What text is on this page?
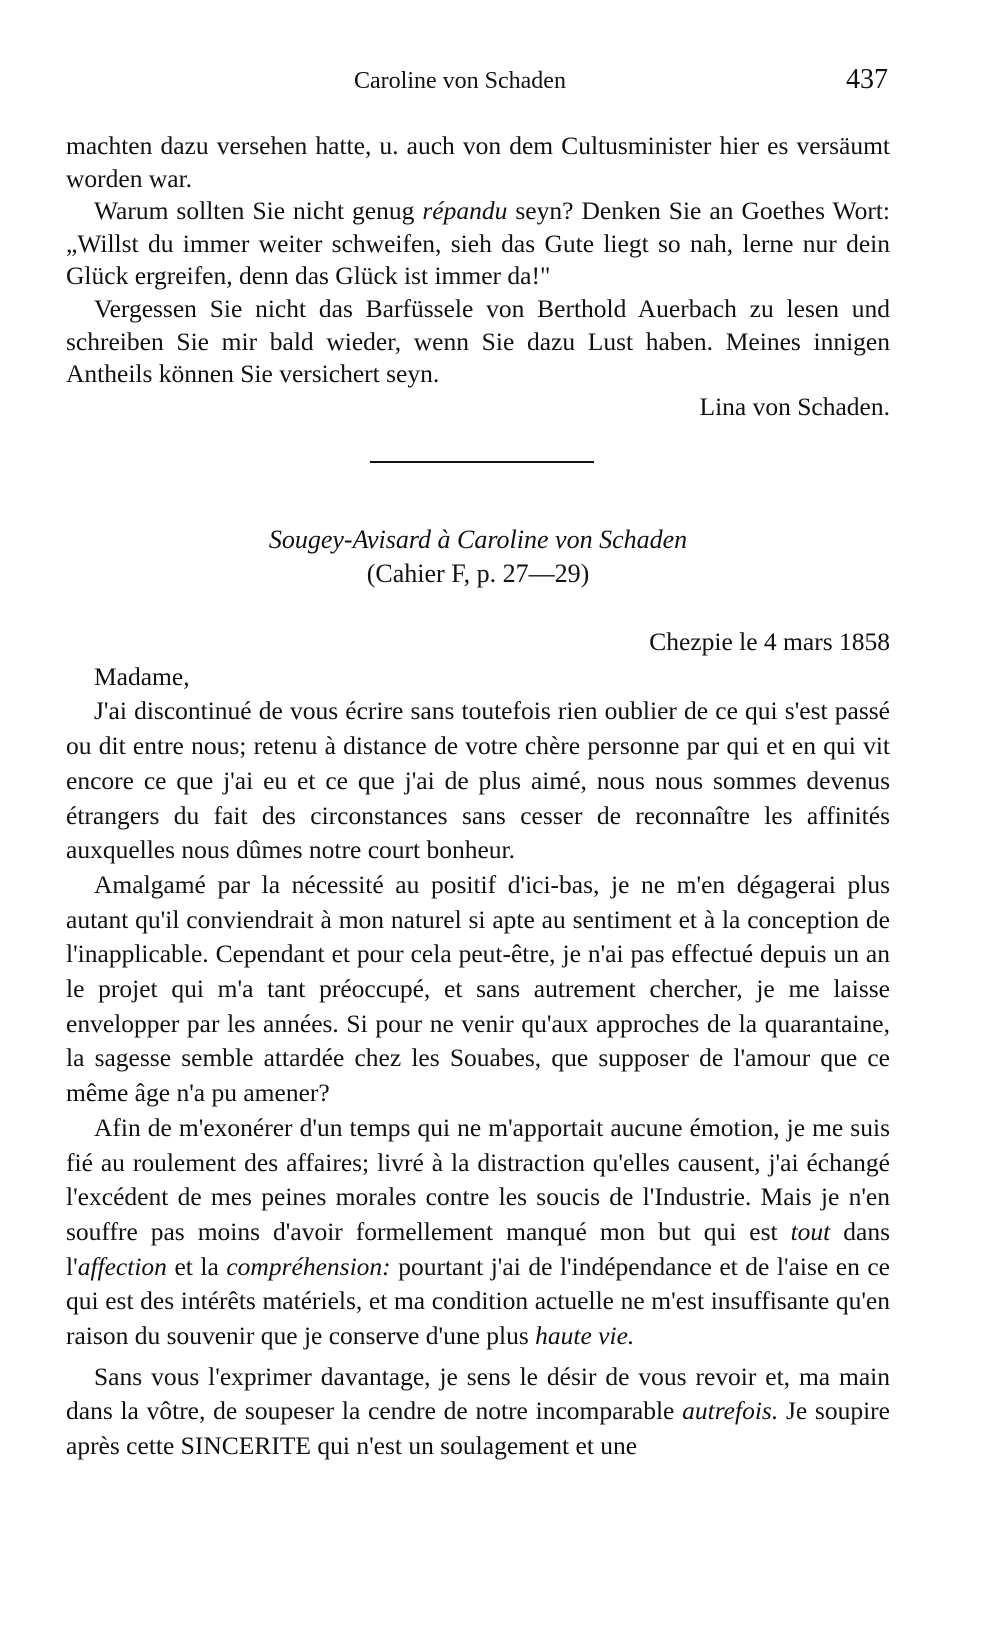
Caroline von Schaden	437

machten dazu versehen hatte, u. auch von dem Cultusminister hier es versäumt worden war.

Warum sollten Sie nicht genug répandu seyn? Denken Sie an Goethes Wort: „Willst du immer weiter schweifen, sieh das Gute liegt so nah, lerne nur dein Glück ergreifen, denn das Glück ist immer da!"

Vergessen Sie nicht das Barfüssele von Berthold Auerbach zu lesen und schreiben Sie mir bald wieder, wenn Sie dazu Lust haben. Meines innigen Antheils können Sie versichert seyn.

Lina von Schaden.

Sougey-Avisard à Caroline von Schaden
(Cahier F, p. 27—29)

Chezpie le 4 mars 1858

Madame,

J'ai discontinué de vous écrire sans toutefois rien oublier de ce qui s'est passé ou dit entre nous; retenu à distance de votre chère personne par qui et en qui vit encore ce que j'ai eu et ce que j'ai de plus aimé, nous nous sommes devenus étrangers du fait des circonstances sans cesser de reconnaître les affinités auxquelles nous dûmes notre court bonheur.

Amalgamé par la nécessité au positif d'ici-bas, je ne m'en dégagerai plus autant qu'il conviendrait à mon naturel si apte au sentiment et à la conception de l'inapplicable. Cependant et pour cela peut-être, je n'ai pas effectué depuis un an le projet qui m'a tant préoccupé, et sans autrement chercher, je me laisse envelopper par les années. Si pour ne venir qu'aux approches de la quarantaine, la sagesse semble attardée chez les Souabes, que supposer de l'amour que ce même âge n'a pu amener?

Afin de m'exonérer d'un temps qui ne m'apportait aucune émotion, je me suis fié au roulement des affaires; livré à la distraction qu'elles causent, j'ai échangé l'excédent de mes peines morales contre les soucis de l'Industrie. Mais je n'en souffre pas moins d'avoir formellement manqué mon but qui est tout dans l'affection et la compréhension: pourtant j'ai de l'indépendance et de l'aise en ce qui est des intérêts matériels, et ma condition actuelle ne m'est insuffisante qu'en raison du souvenir que je conserve d'une plus haute vie.

Sans vous l'exprimer davantage, je sens le désir de vous revoir et, ma main dans la vôtre, de soupeser la cendre de notre incomparable autrefois. Je soupire après cette SINCERITE qui n'est un soulagement et une
